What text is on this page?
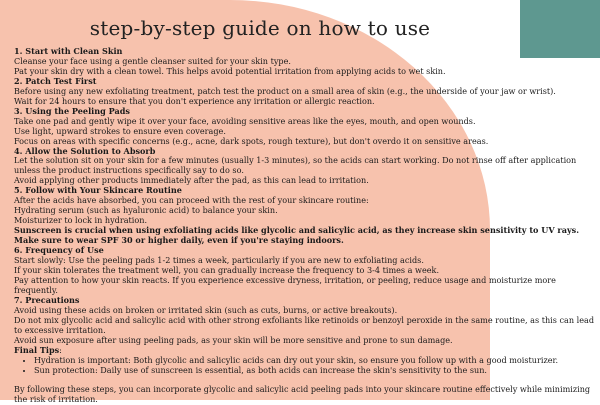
step-by-step guide on how to use

1. Start with Clean Skin

Cleanse your face using a gentle cleanser suited for your skin type.

Pat your skin dry with a clean towel. This helps avoid potential irritation from applying acids to wet skin.

2. Patch Test First

Before using any new exfoliating treatment, patch test the product on a small area of skin (e.g., the underside of your jaw or wrist).

Wait for 24 hours to ensure that you don't experience any irritation or allergic reaction.

3. Using the Peeling Pads

Take one pad and gently wipe it over your face, avoiding sensitive areas like the eyes, mouth, and open wounds.

Use light, upward strokes to ensure even coverage.

Focus on areas with specific concerns (e.g., acne, dark spots, rough texture), but don't overdo it on sensitive areas.

4. Allow the Solution to Absorb

Let the solution sit on your skin for a few minutes (usually 1-3 minutes), so the acids can start working. Do not rinse off after application unless the product instructions specifically say to do so.

Avoid applying other products immediately after the pad, as this can lead to irritation.

5. Follow with Your Skincare Routine

After the acids have absorbed, you can proceed with the rest of your skincare routine:

Hydrating serum (such as hyaluronic acid) to balance your skin.

Moisturizer to lock in hydration.

Sunscreen is crucial when using exfoliating acids like glycolic and salicylic acid, as they increase skin sensitivity to UV rays. Make sure to wear SPF 30 or higher daily, even if you're staying indoors.

6. Frequency of Use

Start slowly: Use the peeling pads 1-2 times a week, particularly if you are new to exfoliating acids.

If your skin tolerates the treatment well, you can gradually increase the frequency to 3-4 times a week.

Pay attention to how your skin reacts. If you experience excessive dryness, irritation, or peeling, reduce usage and moisturize more frequently.

7. Precautions

Avoid using these acids on broken or irritated skin (such as cuts, burns, or active breakouts).

Do not mix glycolic acid and salicylic acid with other strong exfoliants like retinoids or benzoyl peroxide in the same routine, as this can lead to excessive irritation.

Avoid sun exposure after using peeling pads, as your skin will be more sensitive and prone to sun damage.

Final Tips:

• Hydration is important: Both glycolic and salicylic acids can dry out your skin, so ensure you follow up with a good moisturizer.
• Sun protection: Daily use of sunscreen is essential, as both acids can increase the skin's sensitivity to the sun.

By following these steps, you can incorporate glycolic and salicylic acid peeling pads into your skincare routine effectively while minimizing the risk of irritation.
